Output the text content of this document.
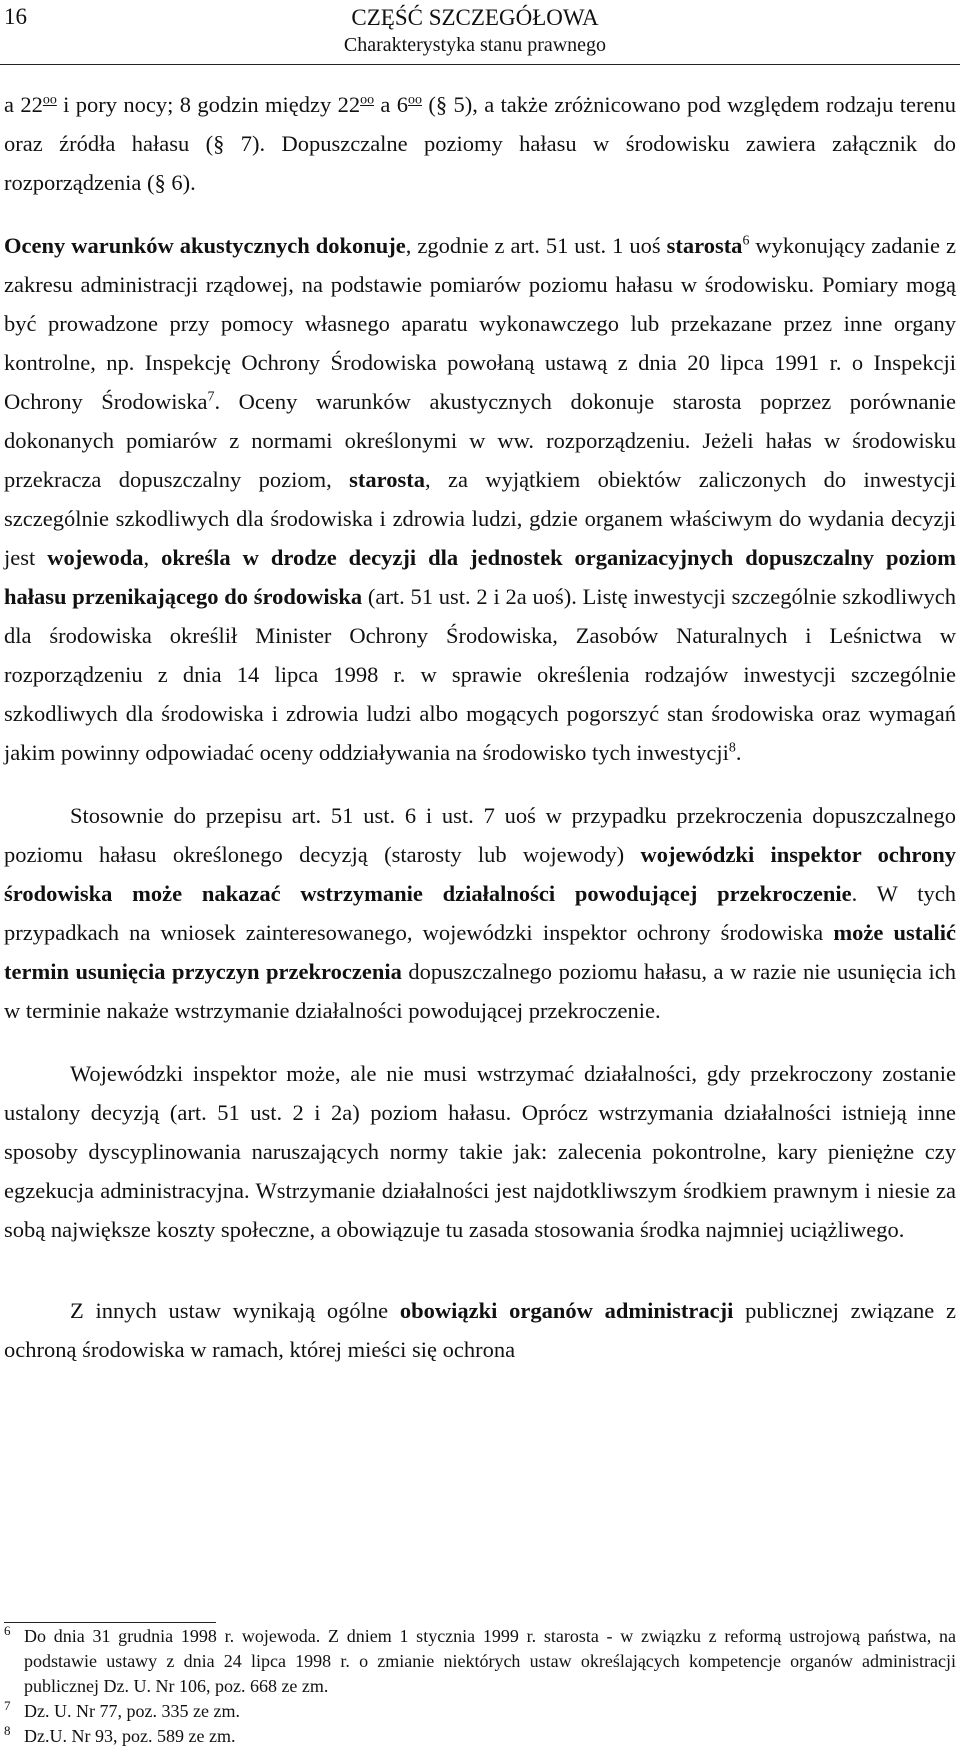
16	CZĘŚĆ SZCZEGÓŁOWA
Charakterystyka stanu prawnego

a $22^{oo}$ i pory nocy; 8 godzin między $22^{oo}$ a $6^{oo}$ (§ 5), a także zróżnicowano pod względem rodzaju terenu oraz źródła hałasu (§ 7). Dopuszczalne poziomy hałasu w środowisku zawiera załącznik do rozporządzenia (§ 6).

Oceny warunków akustycznych dokonuje, zgodnie z art. 51 ust. 1 uoś starosta$^6$ wykonujący zadanie z zakresu administracji rządowej, na podstawie pomiarów poziomu hałasu w środowisku. Pomiary mogą być prowadzone przy pomocy własnego aparatu wykonawczego lub przekazane przez inne organy kontrolne, np. Inspekcję Ochrony Środowiska powołaną ustawą z dnia 20 lipca 1991 r. o Inspekcji Ochrony Środowiska$^7$. Oceny warunków akustycznych dokonuje starosta poprzez porównanie dokonanych pomiarów z normami określonymi w ww. rozporządzeniu. Jeżeli hałas w środowisku przekracza dopuszczalny poziom, starosta, za wyjątkiem obiektów zaliczonych do inwestycji szczególnie szkodliwych dla środowiska i zdrowia ludzi, gdzie organem właściwym do wydania decyzji jest wojewoda, określa w drodze decyzji dla jednostek organizacyjnych dopuszczalny poziom hałasu przenikającego do środowiska (art. 51 ust. 2 i 2a uoś). Listę inwestycji szczególnie szkodliwych dla środowiska określił Minister Ochrony Środowiska, Zasobów Naturalnych i Leśnictwa w rozporządzeniu z dnia 14 lipca 1998 r. w sprawie określenia rodzajów inwestycji szczególnie szkodliwych dla środowiska i zdrowia ludzi albo mogących pogorszyć stan środowiska oraz wymagań jakim powinny odpowiadać oceny oddziaływania na środowisko tych inwestycji$^8$.

Stosownie do przepisu art. 51 ust. 6 i ust. 7 uoś w przypadku przekroczenia dopuszczalnego poziomu hałasu określonego decyzją (starosty lub wojewody) wojewódzki inspektor ochrony środowiska może nakazać wstrzymanie działalności powodującej przekroczenie. W tych przypadkach na wniosek zainteresowanego, wojewódzki inspektor ochrony środowiska może ustalić termin usunięcia przyczyn przekroczenia dopuszczalnego poziomu hałasu, a w razie nie usunięcia ich w terminie nakaże wstrzymanie działalności powodującej przekroczenie.

Wojewódzki inspektor może, ale nie musi wstrzymać działalności, gdy przekroczony zostanie ustalony decyzją (art. 51 ust. 2 i 2a) poziom hałasu. Oprócz wstrzymania działalności istnieją inne sposoby dyscyplinowania naruszających normy takie jak: zalecenia pokontrolne, kary pieniężne czy egzekucja administracyjna. Wstrzymanie działalności jest najdotkliwszym środkiem prawnym i niesie za sobą największe koszty społeczne, a obowiązuje tu zasada stosowania środka najmniej uciążliwego.

Z innych ustaw wynikają ogólne obowiązki organów administracji publicznej związane z ochroną środowiska w ramach, której mieści się ochrona

6 Do dnia 31 grudnia 1998 r. wojewoda. Z dniem 1 stycznia 1999 r. starosta - w związku z reformą ustrojową państwa, na podstawie ustawy z dnia 24 lipca 1998 r. o zmianie niektórych ustaw określających kompetencje organów administracji publicznej Dz. U. Nr 106, poz. 668 ze zm.
7 Dz. U. Nr 77, poz. 335 ze zm.
8 Dz.U. Nr 93, poz. 589 ze zm.
